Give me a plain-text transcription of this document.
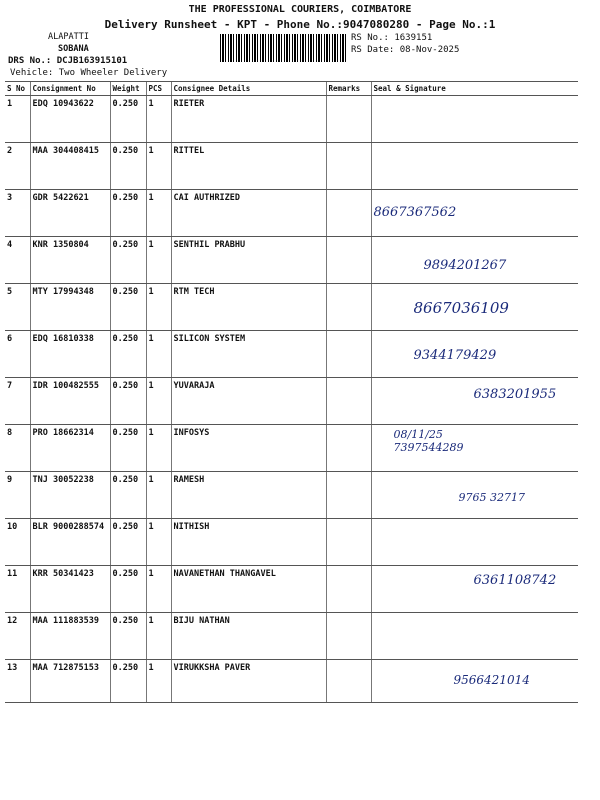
THE PROFESSIONAL COURIERS, COIMBATORE
Delivery Runsheet - KPT - Phone No.:9047080280 - Page No.:1
ALAPATTI
SOBANA
DRS No.: DCJB163915101
RS No.: 1639151
RS Date: 08-Nov-2025
Vehicle: Two Wheeler Delivery
S No	Consignment No	Weight	PCS	Consignee Details	Remarks	Seal & Signature
1	EDQ 10943622	0.250	1	RIETER		

2	MAA 304408415	0.250	1	RITTEL		

3	GDR 5422621	0.250	1	CAI AUTHRIZED		8667367562

4	KNR 1350804	0.250	1	SENTHIL PRABHU		9894201267

5	MTY 17994348	0.250	1	RTM TECH		8667036109

6	EDQ 16810338	0.250	1	SILICON SYSTEM		9344179429

7	IDR 100482555	0.250	1	YUVARAJA		6383201955

8	PRO 18662314	0.250	1	INFOSYS		08/11/25 7397544289

9	TNJ 30052238	0.250	1	RAMESH		9765 32717

10	BLR 9000288574	0.250	1	NITHISH		

11	KRR 50341423	0.250	1	NAVANETHAN THANGAVEL		6361108742

12	MAA 111883539	0.250	1	BIJU NATHAN		

13	MAA 712875153	0.250	1	VIRUKKSHA PAVER		9566421014
